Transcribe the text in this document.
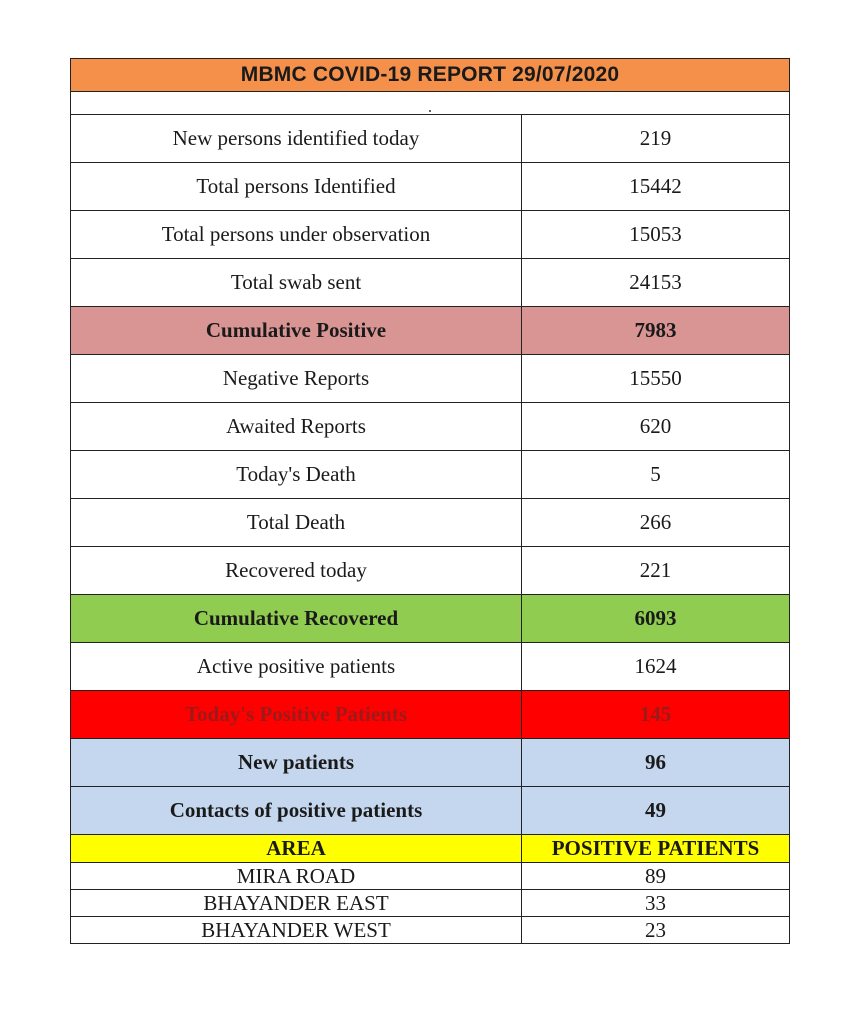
MBMC COVID-19 REPORT 29/07/2020	

New persons identified today	219
Total persons Identified	15442
Total persons under observation	15053
Total swab sent	24153
Cumulative Positive	7983
Negative Reports	15550
Awaited Reports	620
Today's Death	5
Total Death	266
Recovered today	221
Cumulative Recovered	6093
Active positive patients	1624
Today's Positive Patients	145
New patients	96
Contacts of positive patients	49
AREA	POSITIVE PATIENTS
MIRA ROAD	89
BHAYANDER EAST	33
BHAYANDER WEST	23
